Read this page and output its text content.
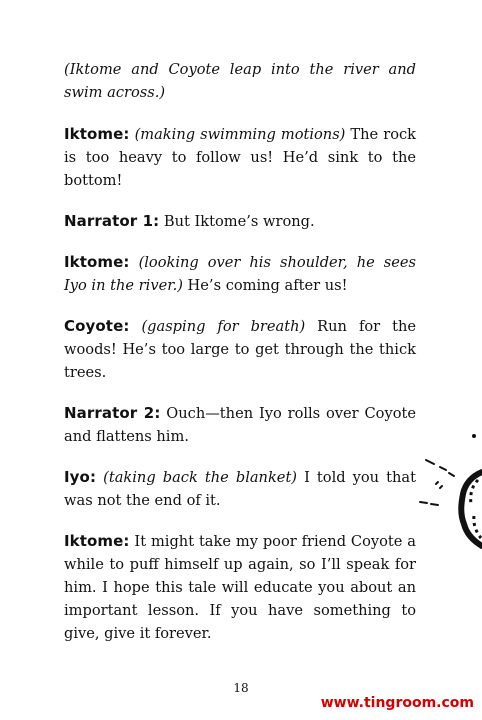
(Iktome and Coyote leap into the river and swim across.)

Iktome: (making swimming motions) The rock is too heavy to follow us! He’d sink to the bottom!

Narrator 1: But Iktome’s wrong.

Iktome: (looking over his shoulder, he sees Iyo in the river.) He’s coming after us!

Coyote: (gasping for breath) Run for the woods! He’s too large to get through the thick trees.

Narrator 2: Ouch—then Iyo rolls over Coyote and flattens him.

Iyo: (taking back the blanket) I told you that was not the end of it.

Iktome: It might take my poor friend Coyote a while to puff himself up again, so I’ll speak for him. I hope this tale will educate you about an important lesson. If you have something to give, give it forever.

18
www.tingroom.com
